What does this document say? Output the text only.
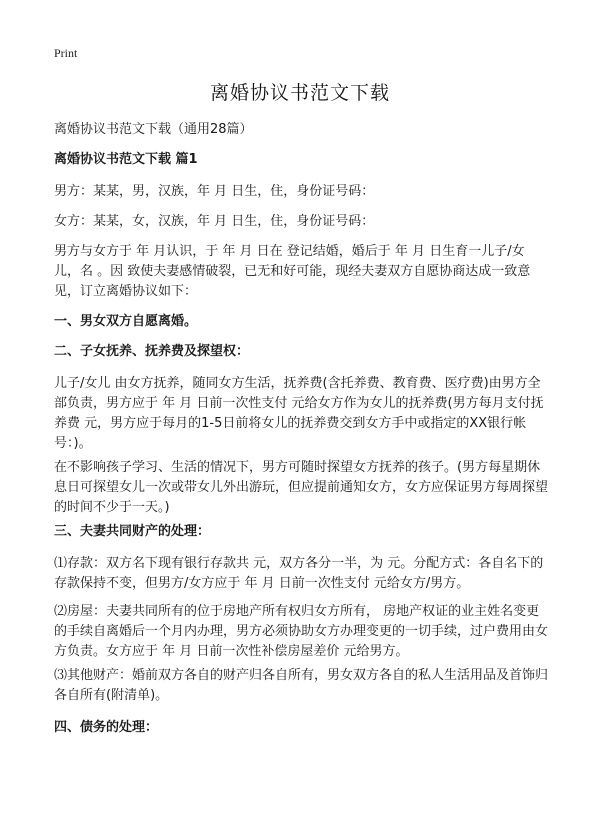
Print
离婚协议书范文下载
离婚协议书范文下载（通用28篇）
离婚协议书范文下载 篇1
男方：某某，男，汉族，年 月 日生，住，身份证号码：
女方：某某，女，汉族，年 月 日生，住，身份证号码：
男方与女方于 年 月认识，于 年 月 日在 登记结婚，婚后于 年 月 日生育一儿子/女儿，名 。因 致使夫妻感情破裂，已无和好可能，现经夫妻双方自愿协商达成一致意见，订立离婚协议如下：
一、男女双方自愿离婚。
二、子女抚养、抚养费及探望权：
儿子/女儿 由女方抚养，随同女方生活，抚养费(含托养费、教育费、医疗费)由男方全部负责，男方应于 年 月 日前一次性支付 元给女方作为女儿的抚养费(男方每月支付抚养费 元，男方应于每月的1-5日前将女儿的抚养费交到女方手中或指定的XX银行帐号：)。
在不影响孩子学习、生活的情况下，男方可随时探望女方抚养的孩子。(男方每星期休息日可探望女儿一次或带女儿外出游玩，但应提前通知女方，女方应保证男方每周探望的时间不少于一天。)
三、夫妻共同财产的处理：
⑴存款：双方名下现有银行存款共 元，双方各分一半，为 元。分配方式：各自名下的存款保持不变，但男方/女方应于 年 月 日前一次性支付 元给女方/男方。
⑵房屋：夫妻共同所有的位于房地产所有权归女方所有， 房地产权证的业主姓名变更的手续自离婚后一个月内办理，男方必须协助女方办理变更的一切手续，过户费用由女方负责。女方应于 年 月 日前一次性补偿房屋差价 元给男方。
⑶其他财产：婚前双方各自的财产归各自所有，男女双方各自的私人生活用品及首饰归各自所有(附清单)。
四、债务的处理：
